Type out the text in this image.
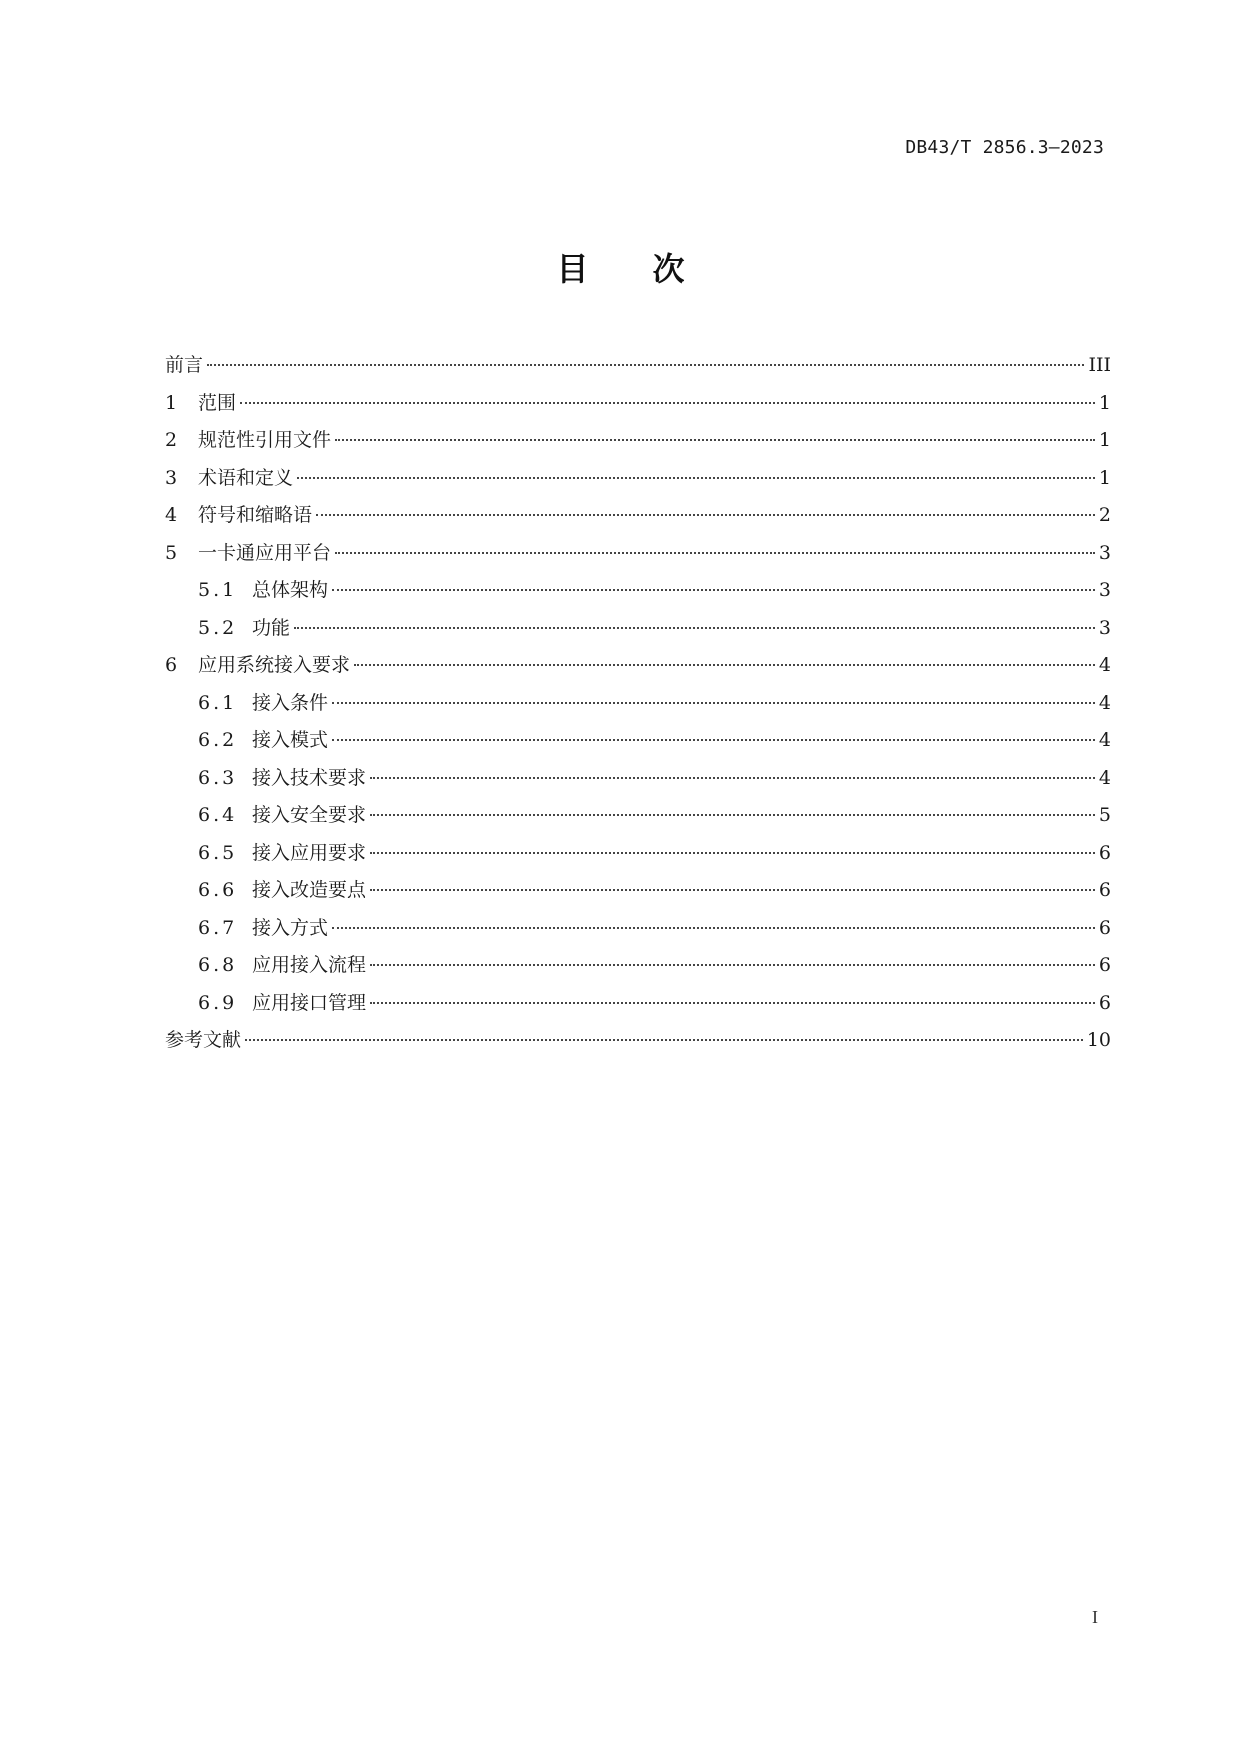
DB43/T 2856.3—2023
目 次
前言	III
1	范围	1
2	规范性引用文件	1
3	术语和定义	1
4	符号和缩略语	2
5	一卡通应用平台	3
5.1 总体架构	3
5.2 功能	3
6	应用系统接入要求	4
6.1 接入条件	4
6.2 接入模式	4
6.3 接入技术要求	4
6.4 接入安全要求	5
6.5 接入应用要求	6
6.6 接入改造要点	6
6.7 接入方式	6
6.8 应用接入流程	6
6.9 应用接口管理	6
参考文献	10
I
